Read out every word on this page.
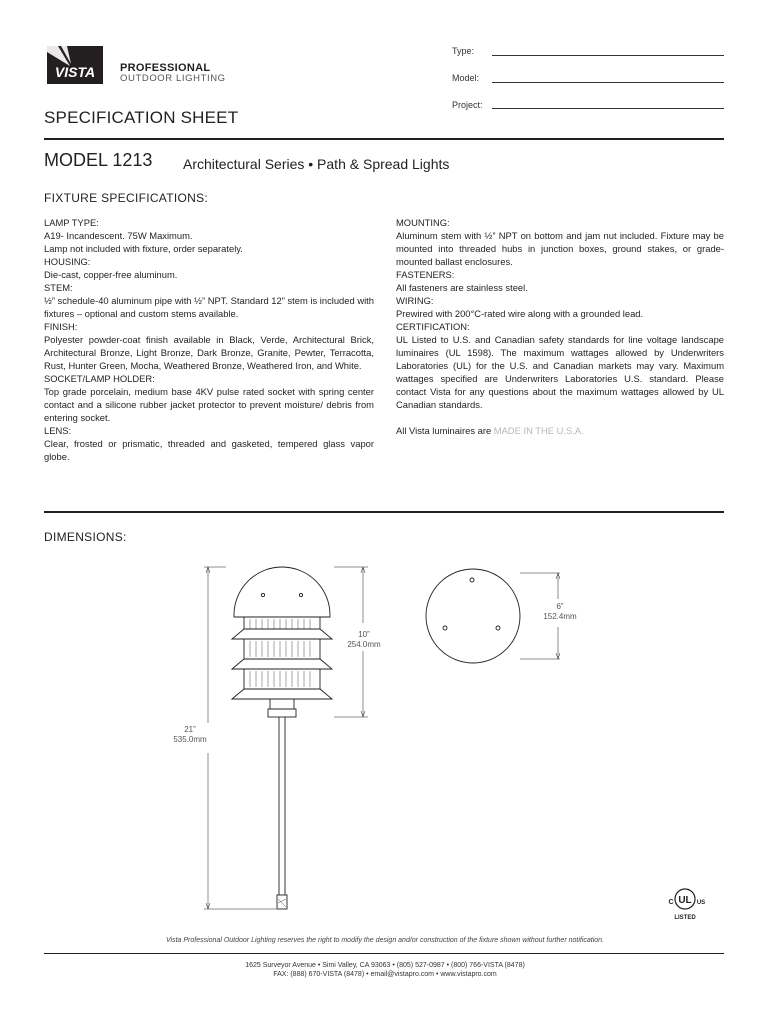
VISTA PROFESSIONAL
OUTDOOR LIGHTING
Type:
Model:
Project:
SPECIFICATION SHEET
MODEL 1213 Architectural Series • Path & Spread Lights
FIXTURE SPECIFICATIONS:
LAMP TYPE:
A19- Incandescent. 75W Maximum.
Lamp not included with fixture, order separately.
HOUSING:
Die-cast, copper-free aluminum.
STEM:
½” schedule-40 aluminum pipe with ½” NPT. Standard 12” stem is included with fixtures – optional and custom stems available.
FINISH:
Polyester powder-coat finish available in Black, Verde, Architectural Brick, Architectural Bronze, Light Bronze, Dark Bronze, Granite, Pewter, Terracotta, Rust, Hunter Green, Mocha, Weathered Bronze, Weathered Iron, and White.
SOCKET/LAMP HOLDER:
Top grade porcelain, medium base 4KV pulse rated socket with spring center contact and a silicone rubber jacket protector to prevent moisture/ debris from entering socket.
LENS:
Clear, frosted or prismatic, threaded and gasketed, tempered glass vapor globe.
MOUNTING:
Aluminum stem with ½” NPT on bottom and jam nut included. Fixture may be mounted into threaded hubs in junction boxes, ground stakes, or grade-mounted ballast enclosures.
FASTENERS:
All fasteners are stainless steel.
WIRING:
Prewired with 200°C-rated wire along with a grounded lead.
CERTIFICATION:
UL Listed to U.S. and Canadian safety standards for line voltage landscape luminaires (UL 1598). The maximum wattages allowed by Underwriters Laboratories (UL) for the U.S. and Canadian markets may vary. Maximum wattages specified are Underwriters Laboratories U.S. standard. Please contact Vista for any questions about the maximum wattages allowed by UL Canadian standards.
All Vista luminaires are MADE IN THE U.S.A.
DIMENSIONS:
21”
535.0mm
10”
254.0mm
6”
152.4mm
UL
C	US
LISTED
Vista Professional Outdoor Lighting reserves the right to modify the design and/or construction of the fixture shown without further notification.
1625 Surveyor Avenue • Simi Valley, CA 93063 • (805) 527-0987 • (800) 766-VISTA (8478)
FAX: (888) 670-VISTA (8478) • email@vistapro.com • www.vistapro.com
